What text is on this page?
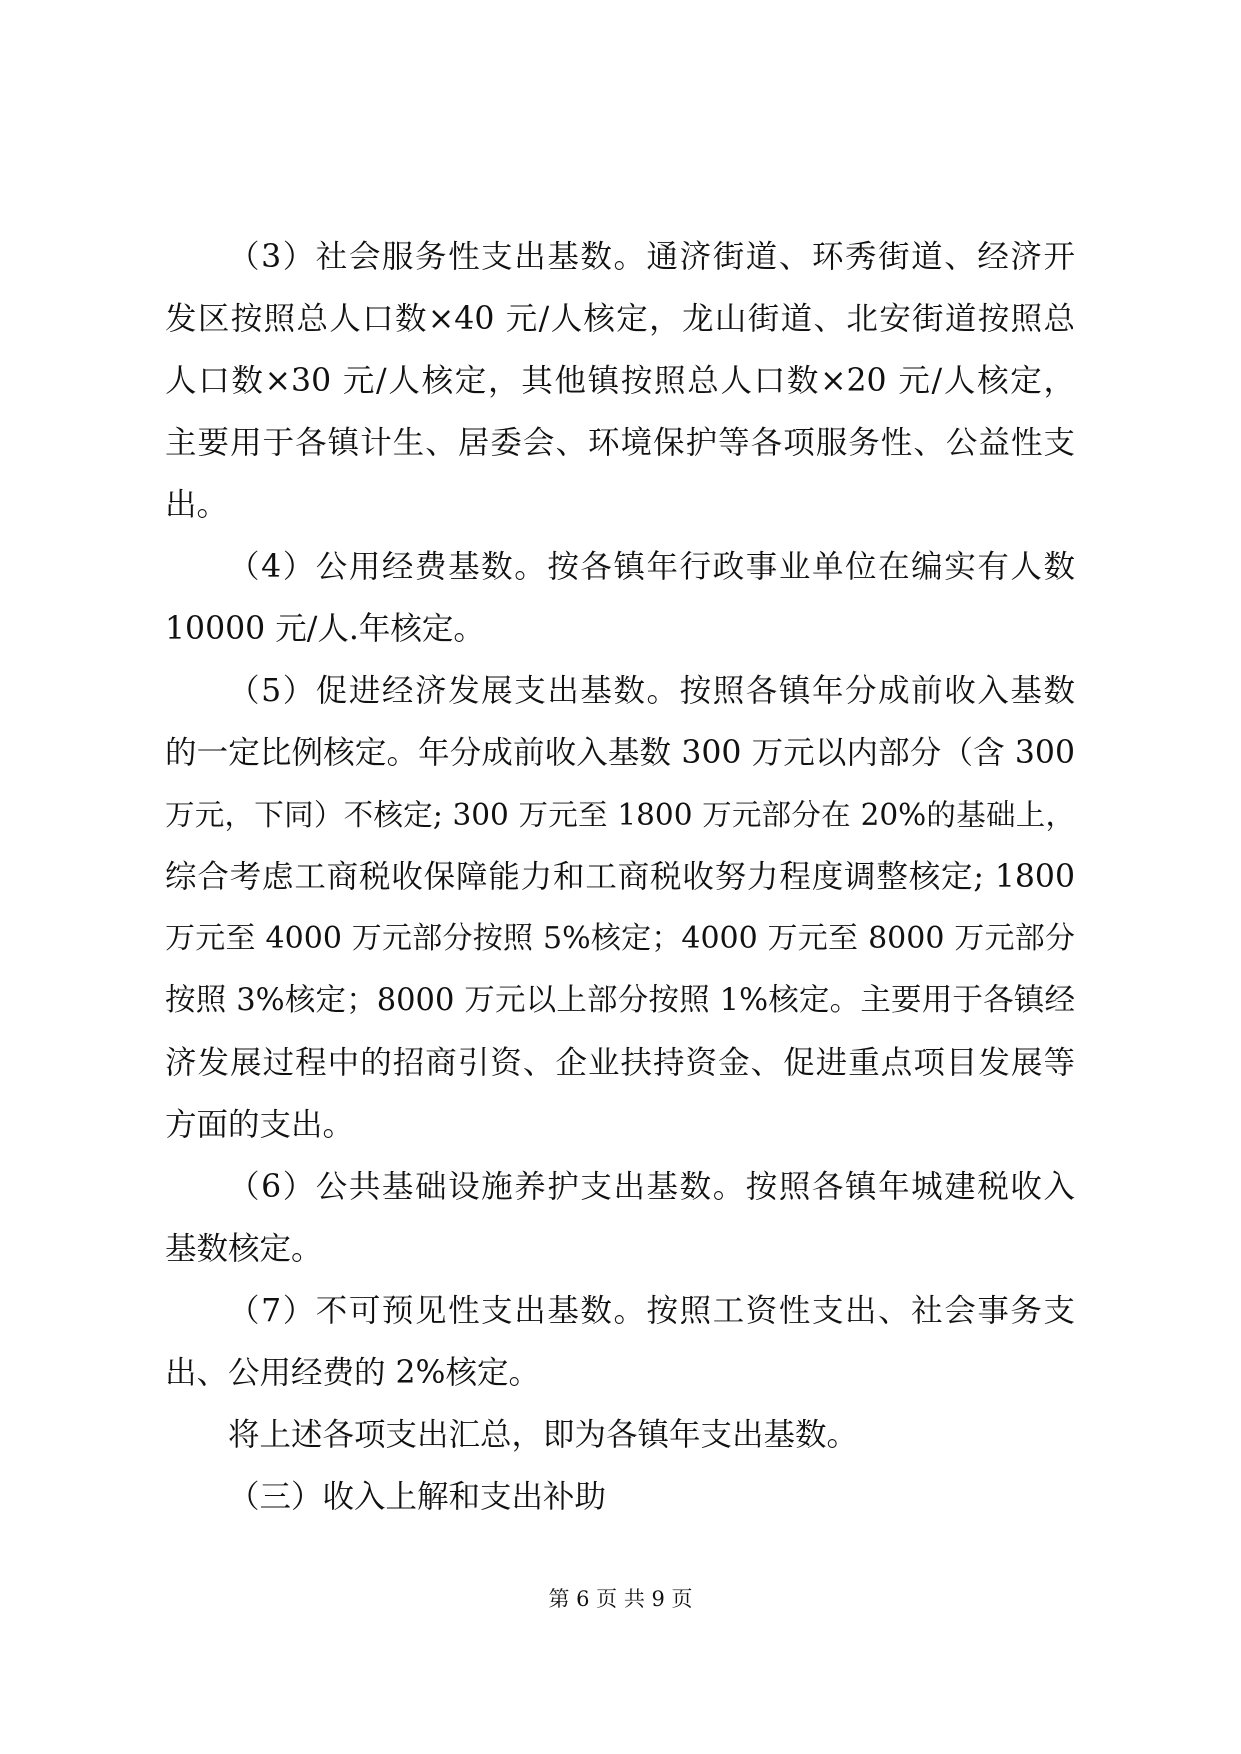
（3）社会服务性支出基数。通济街道、环秀街道、经济开
发区按照总人口数×40 元/人核定，龙山街道、北安街道按照总
人口数×30 元/人核定，其他镇按照总人口数×20 元/人核定，
主要用于各镇计生、居委会、环境保护等各项服务性、公益性支
出。
（4）公用经费基数。按各镇年行政事业单位在编实有人数
10000 元/人.年核定。
（5）促进经济发展支出基数。按照各镇年分成前收入基数
的一定比例核定。年分成前收入基数 300 万元以内部分（含 300
万元，下同）不核定; 300 万元至 1800 万元部分在 20%的基础上，
综合考虑工商税收保障能力和工商税收努力程度调整核定; 1800
万元至 4000 万元部分按照 5%核定；4000 万元至 8000 万元部分
按照 3%核定；8000 万元以上部分按照 1%核定。主要用于各镇经
济发展过程中的招商引资、企业扶持资金、促进重点项目发展等
方面的支出。
（6）公共基础设施养护支出基数。按照各镇年城建税收入
基数核定。
（7）不可预见性支出基数。按照工资性支出、社会事务支
出、公用经费的 2%核定。
将上述各项支出汇总，即为各镇年支出基数。
（三）收入上解和支出补助
第 6 页 共 9 页
